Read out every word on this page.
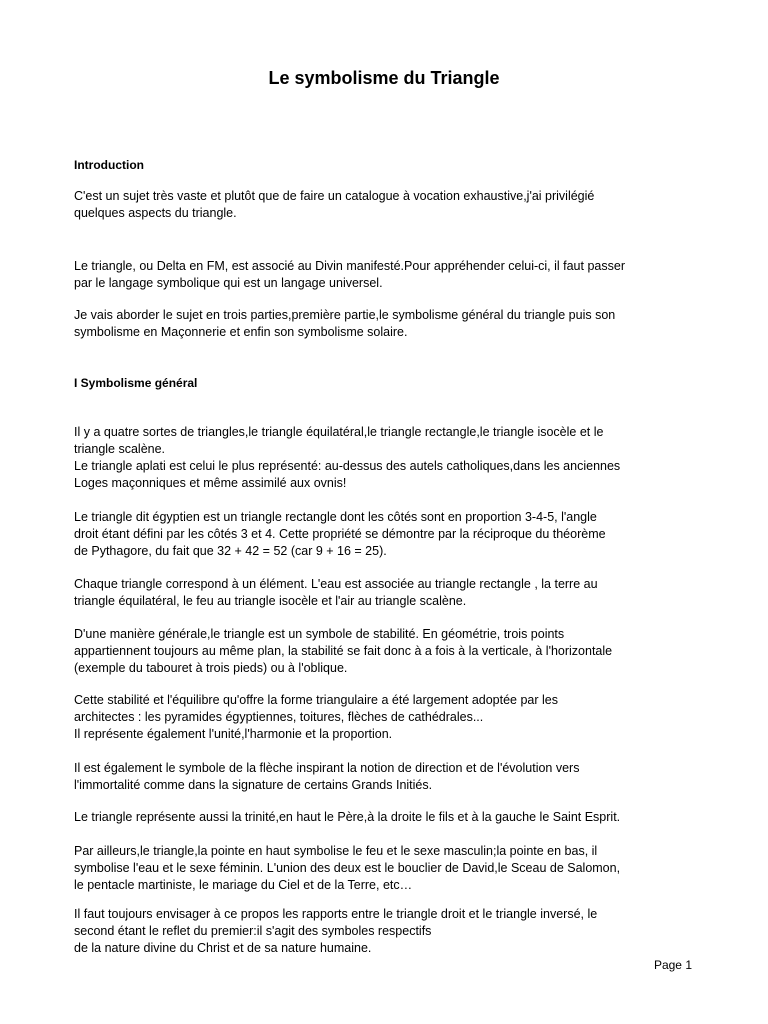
Le symbolisme du Triangle
Introduction
C'est un sujet très vaste et plutôt que de faire un catalogue à vocation exhaustive,j'ai privilégié
quelques aspects du triangle.
Le triangle, ou Delta en FM, est associé au Divin manifesté.Pour appréhender celui-ci, il faut passer
par le langage symbolique qui est un langage universel.
Je vais aborder le sujet en trois parties,première partie,le symbolisme général du triangle puis son
symbolisme en Maçonnerie et enfin son symbolisme solaire.
I Symbolisme général
Il y a quatre sortes de triangles,le triangle équilatéral,le triangle rectangle,le triangle isocèle et le
triangle scalène.
Le triangle aplati est celui le plus représenté: au-dessus des autels catholiques,dans les anciennes
Loges maçonniques et même assimilé aux ovnis!
Le triangle dit égyptien est un triangle rectangle dont les côtés sont en proportion 3-4-5, l'angle
droit étant défini par les côtés 3 et 4. Cette propriété se démontre par la réciproque du théorème
de Pythagore, du fait que 32 + 42 = 52 (car 9 + 16 = 25).
Chaque triangle correspond à un élément. L'eau est associée au triangle rectangle , la terre au
triangle équilatéral, le feu au triangle isocèle et l'air au triangle scalène.
D'une manière générale,le triangle est un symbole de stabilité. En géométrie, trois points
appartiennent toujours au même plan, la stabilité se fait donc à a fois à la verticale, à l'horizontale
(exemple du tabouret à trois pieds) ou à l'oblique.
Cette stabilité et l'équilibre qu'offre la forme triangulaire a été largement adoptée par les
architectes : les pyramides égyptiennes, toitures, flèches de cathédrales...
Il représente également l'unité,l'harmonie et la proportion.
Il est également le symbole de la flèche inspirant la notion de direction et de l'évolution vers
l'immortalité comme dans la signature de certains Grands Initiés.
Le triangle représente aussi la trinité,en haut le Père,à la droite le fils et à la gauche le Saint Esprit.
Par ailleurs,le triangle,la pointe en haut symbolise le feu et le sexe masculin;la pointe en bas, il
symbolise l'eau et le sexe féminin. L'union des deux est le bouclier de David,le Sceau de Salomon,
le pentacle martiniste, le mariage du Ciel et de la Terre, etc…
Il faut toujours envisager à ce propos les rapports entre le triangle droit et le triangle inversé, le
second étant le reflet du premier:il s'agit des symboles respectifs
de la nature divine du Christ et de sa nature humaine.
Page 1
